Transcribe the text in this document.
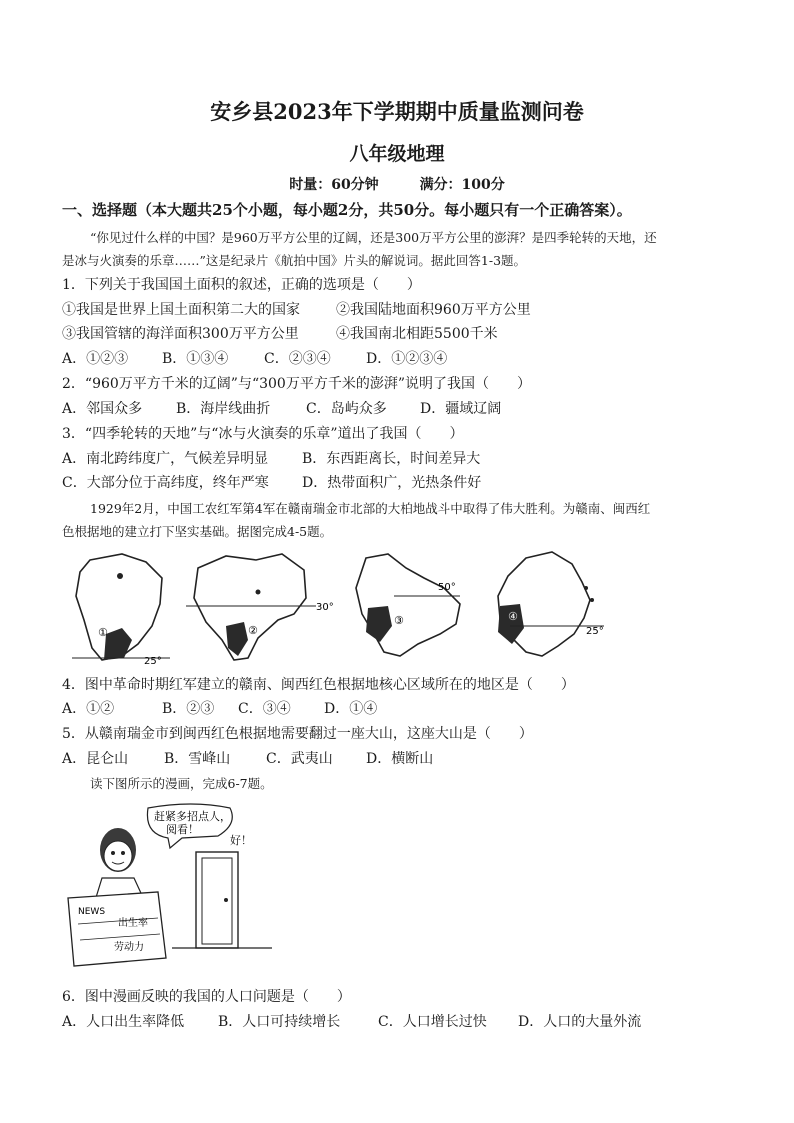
安乡县2023年下学期期中质量监测问卷
八年级地理
时量：60分钟	满分：100分
一、选择题（本大题共25个小题，每小题2分，共50分。每小题只有一个正确答案）。
“你见过什么样的中国？是960万平方公里的辽阔，还是300万平方公里的澎湃？是四季轮转的天地，还
是冰与火演奏的乐章……”这是纪录片《航拍中国》片头的解说词。据此回答1-3题。
1．下列关于我国国土面积的叙述，正确的选项是（　　）
①我国是世界上国土面积第二大的国家	②我国陆地面积960万平方公里
③我国管辖的海洋面积300万平方公里	④我国南北相距5500千米
A．①②③ B．①③④	C．②③④	D．①②③④
2．“960万平方千米的辽阔”与“300万平方千米的澎湃”说明了我国（　　）
A．邻国众多 B．海岸线曲折	C．岛屿众多 D．疆域辽阔
3．“四季轮转的天地”与“冰与火演奏的乐章”道出了我国（　　）
A．南北跨纬度广，气候差异明显 B．东西距离长，时间差异大
C．大部分位于高纬度，终年严寒 D．热带面积广，光热条件好
1929年2月，中国工农红军第4军在赣南瑞金市北部的大柏地战斗中取得了伟大胜利。为赣南、闽西红
色根据地的建立打下坚实基础。据图完成4-5题。
①
25°
②
30°
③
50°
④
25°
4．图中革命时期红军建立的赣南、闽西红色根据地核心区域所在的地区是（　　）
A．①②	B．②③ C．③④ D．①④
5．从赣南瑞金市到闽西红色根据地需要翻过一座大山，这座大山是（　　）
A．昆仑山	B．雪峰山	C．武夷山 D．横断山
读下图所示的漫画，完成6-7题。
赶紧多招点人，
阅看！
好！
NEWS
出生率
劳动力
6．图中漫画反映的我国的人口问题是（　　）
A．人口出生率降低 B．人口可持续增长	C．人口增长过快 D．人口的大量外流
